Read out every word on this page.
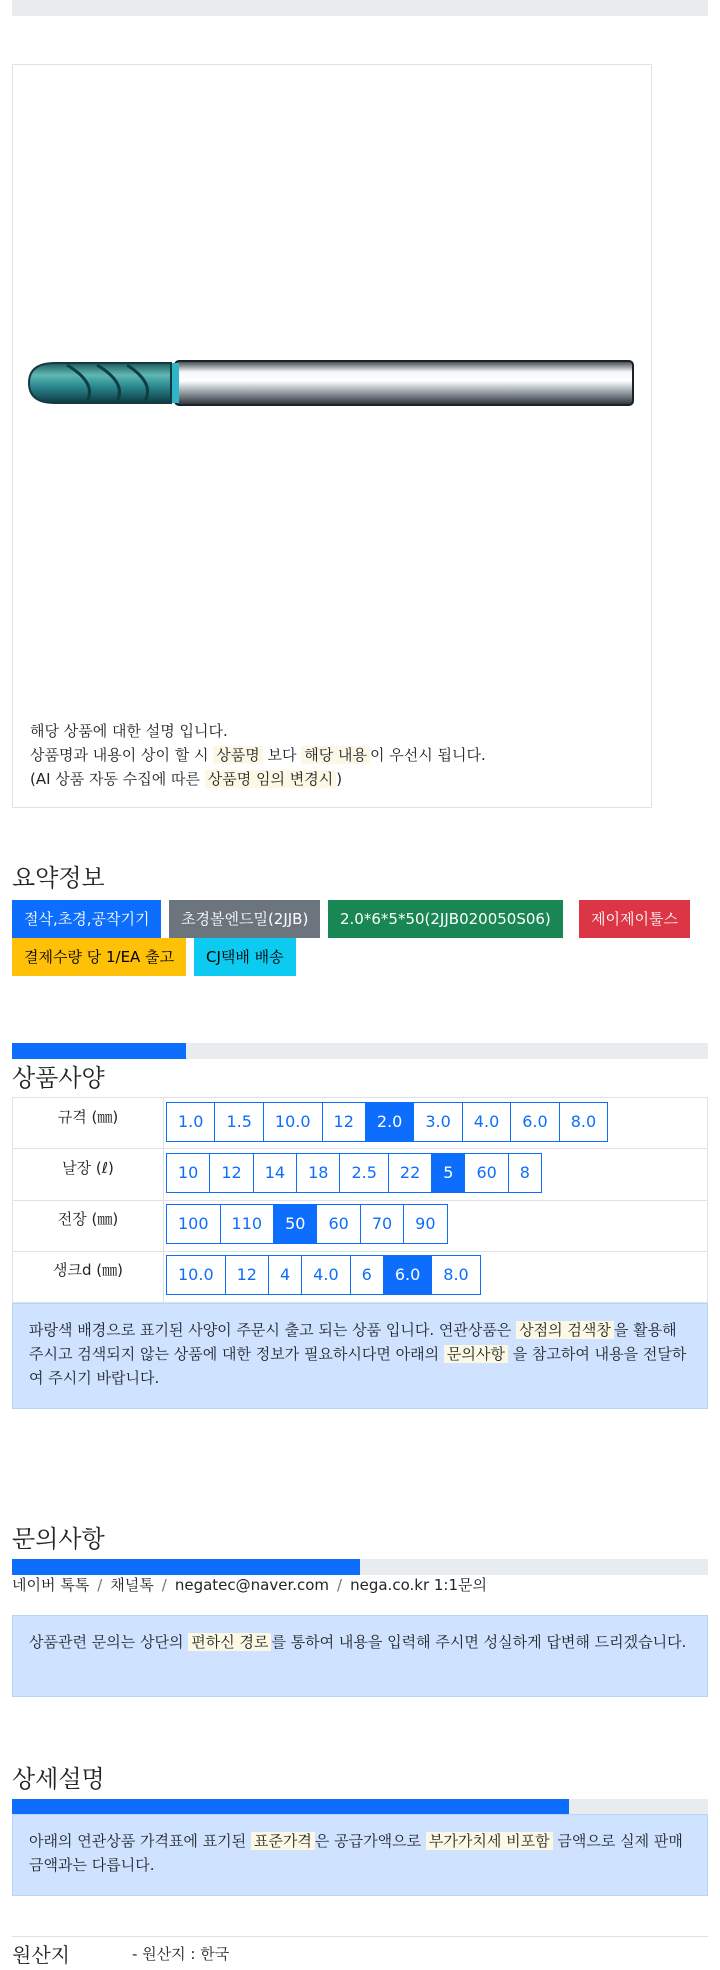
해당 상품에 대한 설명 입니다.
상품명과 내용이 상이 할 시 상품명 보다 해당 내용 이 우선시 됩니다.
(AI 상품 자동 수집에 따른 상품명 임의 변경시 )
요약정보
절삭,초경,공작기기	초경볼엔드밀(2JJB)	2.0*6*5*50(2JJB020050S06)	제이제이툴스
결제수량 당 1/EA 출고	CJ택배 배송
상품사양
규격 (㎜)	1.0	1.5	10.0	12	2.0	3.0	4.0	6.0	8.0
날장 (ℓ)	10	12	14	18	2.5	22	5	60	8
전장 (㎜)	100	110	50	60	70	90
생크d (㎜)	10.0	12	4	4.0	6	6.0	8.0
파랑색 배경으로 표기된 사양이 주문시 출고 되는 상품 입니다. 연관상품은 상점의 검색창 을 활용해 주시고 검색되지 않는 상품에 대한 정보가 필요하시다면 아래의 문의사항 을 참고하여 내용을 전달하여 주시기 바랍니다.
문의사항
네이버 톡톡 / 채널톡 / negatec@naver.com / nega.co.kr 1:1문의
상품관련 문의는 상단의 편하신 경로 를 통하여 내용을 입력해 주시면 성실하게 답변해 드리겠습니다.
상세설명
아래의 연관상품 가격표에 표기된 표준가격 은 공급가액으로 부가가치세 비포함 금액으로 실제 판매금액과는 다릅니다.
원산지	- 원산지 : 한국
